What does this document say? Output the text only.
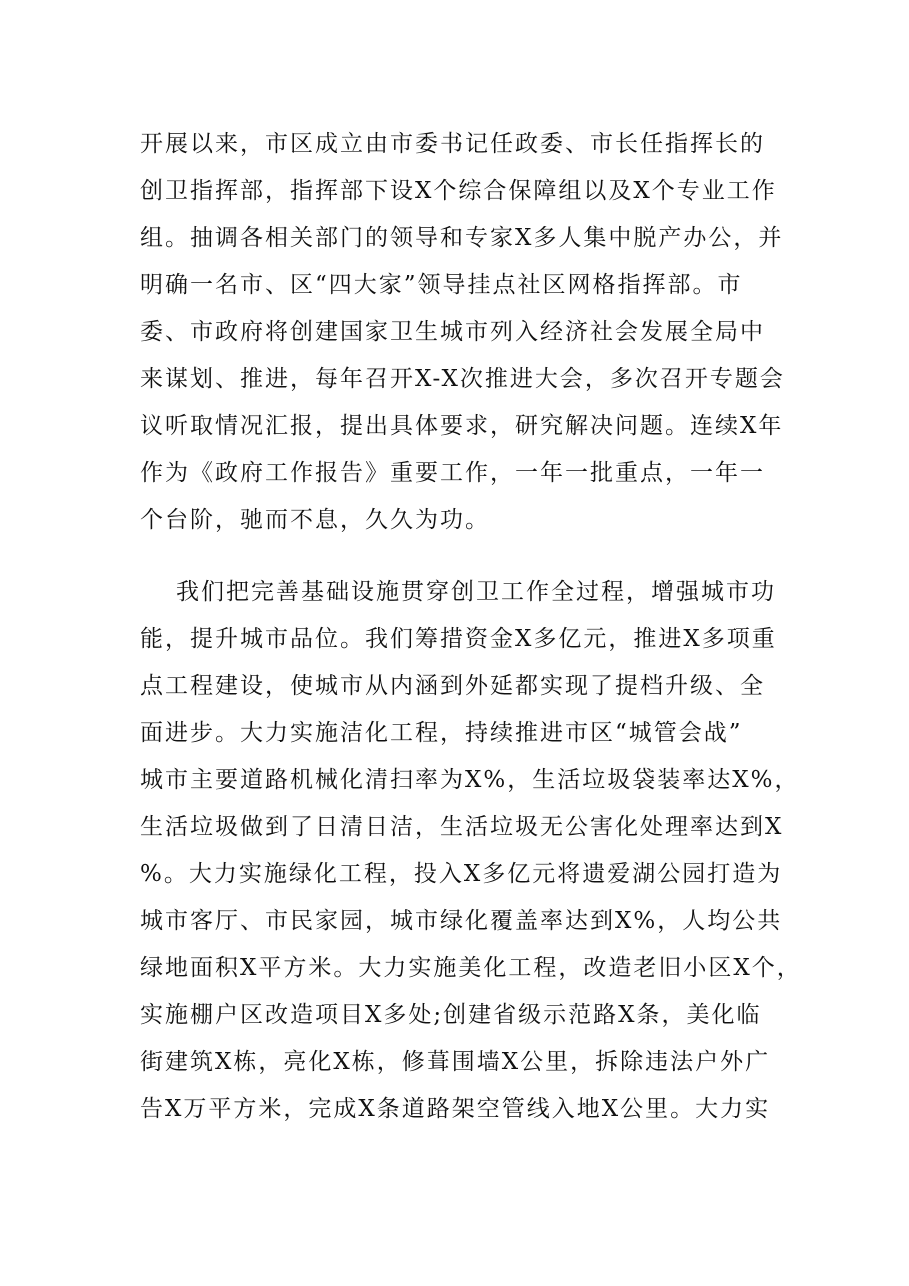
开展以来，市区成立由市委书记任政委、市长任指挥长的
创卫指挥部，指挥部下设X个综合保障组以及X个专业工作
组。抽调各相关部门的领导和专家X多人集中脱产办公，并
明确一名市、区“四大家”领导挂点社区网格指挥部。市
委、市政府将创建国家卫生城市列入经济社会发展全局中
来谋划、推进，每年召开X-X次推进大会，多次召开专题会
议听取情况汇报，提出具体要求，研究解决问题。连续X年
作为《政府工作报告》重要工作，一年一批重点，一年一
个台阶，驰而不息，久久为功。
我们把完善基础设施贯穿创卫工作全过程，增强城市功
能，提升城市品位。我们筹措资金X多亿元，推进X多项重
点工程建设，使城市从内涵到外延都实现了提档升级、全
面进步。大力实施洁化工程，持续推进市区“城管会战”
城市主要道路机械化清扫率为X%，生活垃圾袋装率达X%，
生活垃圾做到了日清日洁，生活垃圾无公害化处理率达到X
%。大力实施绿化工程，投入X多亿元将遗爱湖公园打造为
城市客厅、市民家园，城市绿化覆盖率达到X%，人均公共
绿地面积X平方米。大力实施美化工程，改造老旧小区X个，
实施棚户区改造项目X多处;创建省级示范路X条，美化临
街建筑X栋，亮化X栋，修葺围墙X公里，拆除违法户外广
告X万平方米，完成X条道路架空管线入地X公里。大力实
